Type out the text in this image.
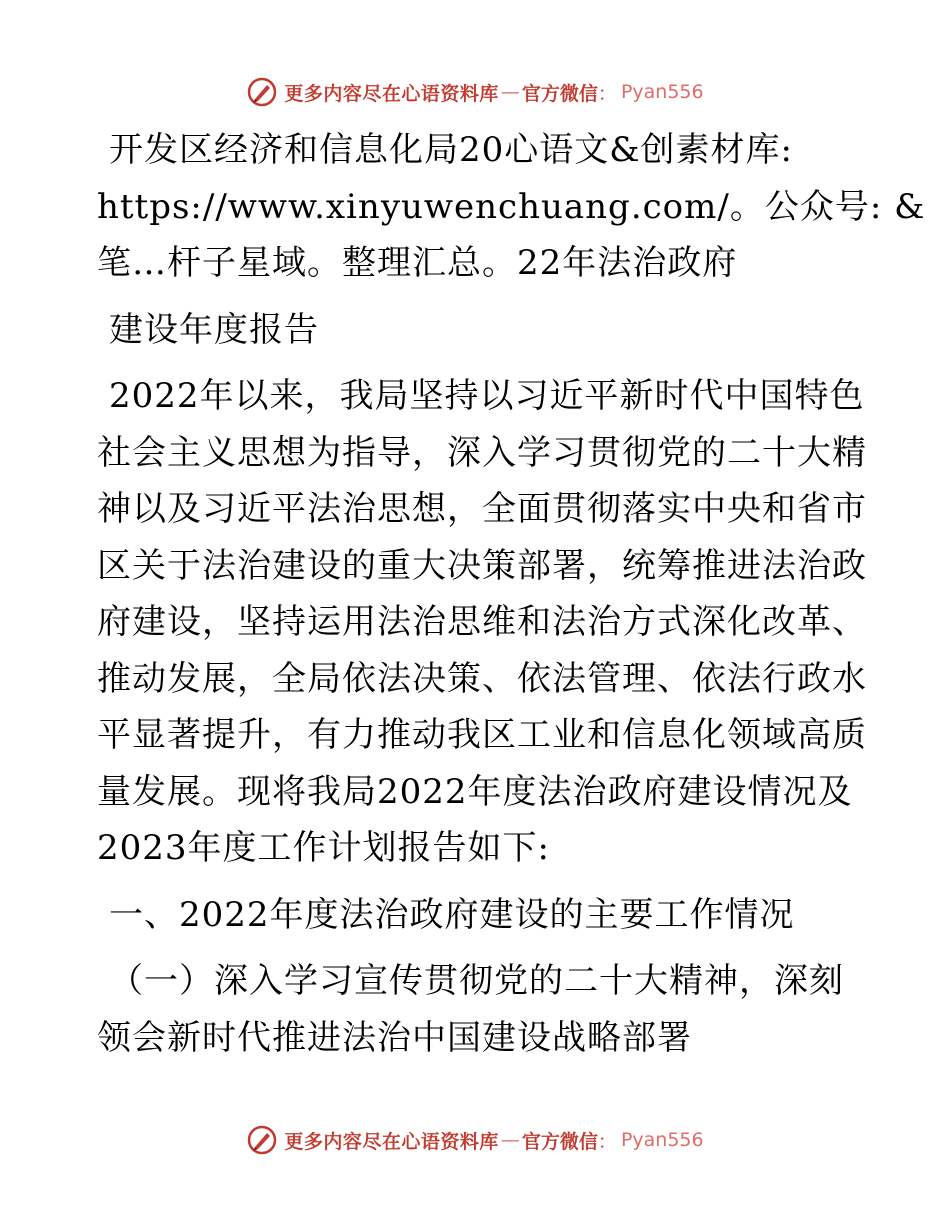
更多内容尽在心语资料库 — 官方微信 ： Pyan556
开发区经济和信息化局20心语文&创素材库:
https://www.xinyuwenchuang.com/。公众号: &
笔…杆子星域。整理汇总。22年法治政府
建设年度报告
2022年以来，我局坚持以习近平新时代中国特色
社会主义思想为指导，深入学习贯彻党的二十大精
神以及习近平法治思想，全面贯彻落实中央和省市
区关于法治建设的重大决策部署，统筹推进法治政
府建设，坚持运用法治思维和法治方式深化改革、
推动发展，全局依法决策、依法管理、依法行政水
平显著提升，有力推动我区工业和信息化领域高质
量发展。现将我局2022年度法治政府建设情况及
2023年度工作计划报告如下:
一、2022年度法治政府建设的主要工作情况
（一）深入学习宣传贯彻党的二十大精神，深刻
领会新时代推进法治中国建设战略部署
更多内容尽在心语资料库 — 官方微信 ： Pyan556
